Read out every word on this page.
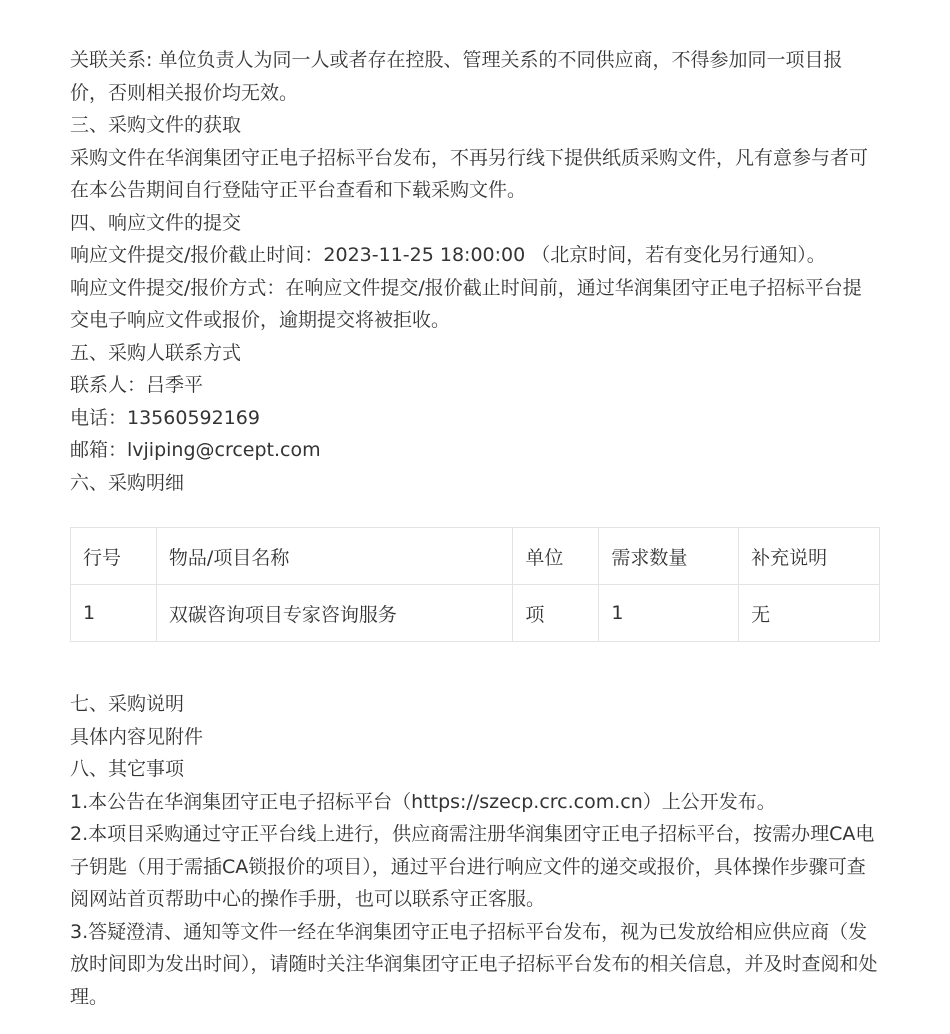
关联关系: 单位负责人为同一人或者存在控股、管理关系的不同供应商，不得参加同一项目报价，否则相关报价均无效。

三、采购文件的获取

采购文件在华润集团守正电子招标平台发布，不再另行线下提供纸质采购文件，凡有意参与者可在本公告期间自行登陆守正平台查看和下载采购文件。

四、响应文件的提交

响应文件提交/报价截止时间：2023-11-25 18:00:00 （北京时间，若有变化另行通知）。

响应文件提交/报价方式：在响应文件提交/报价截止时间前，通过华润集团守正电子招标平台提交电子响应文件或报价，逾期提交将被拒收。

五、采购人联系方式

联系人：吕季平

电话：13560592169

邮箱：lvjiping@crcept.com

六、采购明细

行号	物品/项目名称	单位	需求数量	补充说明
1	双碳咨询项目专家咨询服务	项	1	无

七、采购说明

具体内容见附件

八、其它事项

1.本公告在华润集团守正电子招标平台（https://szecp.crc.com.cn）上公开发布。

2.本项目采购通过守正平台线上进行，供应商需注册华润集团守正电子招标平台，按需办理CA电子钥匙（用于需插CA锁报价的项目），通过平台进行响应文件的递交或报价，具体操作步骤可查阅网站首页帮助中心的操作手册，也可以联系守正客服。

3.答疑澄清、通知等文件一经在华润集团守正电子招标平台发布，视为已发放给相应供应商（发放时间即为发出时间），请随时关注华润集团守正电子招标平台发布的相关信息，并及时查阅和处理。
